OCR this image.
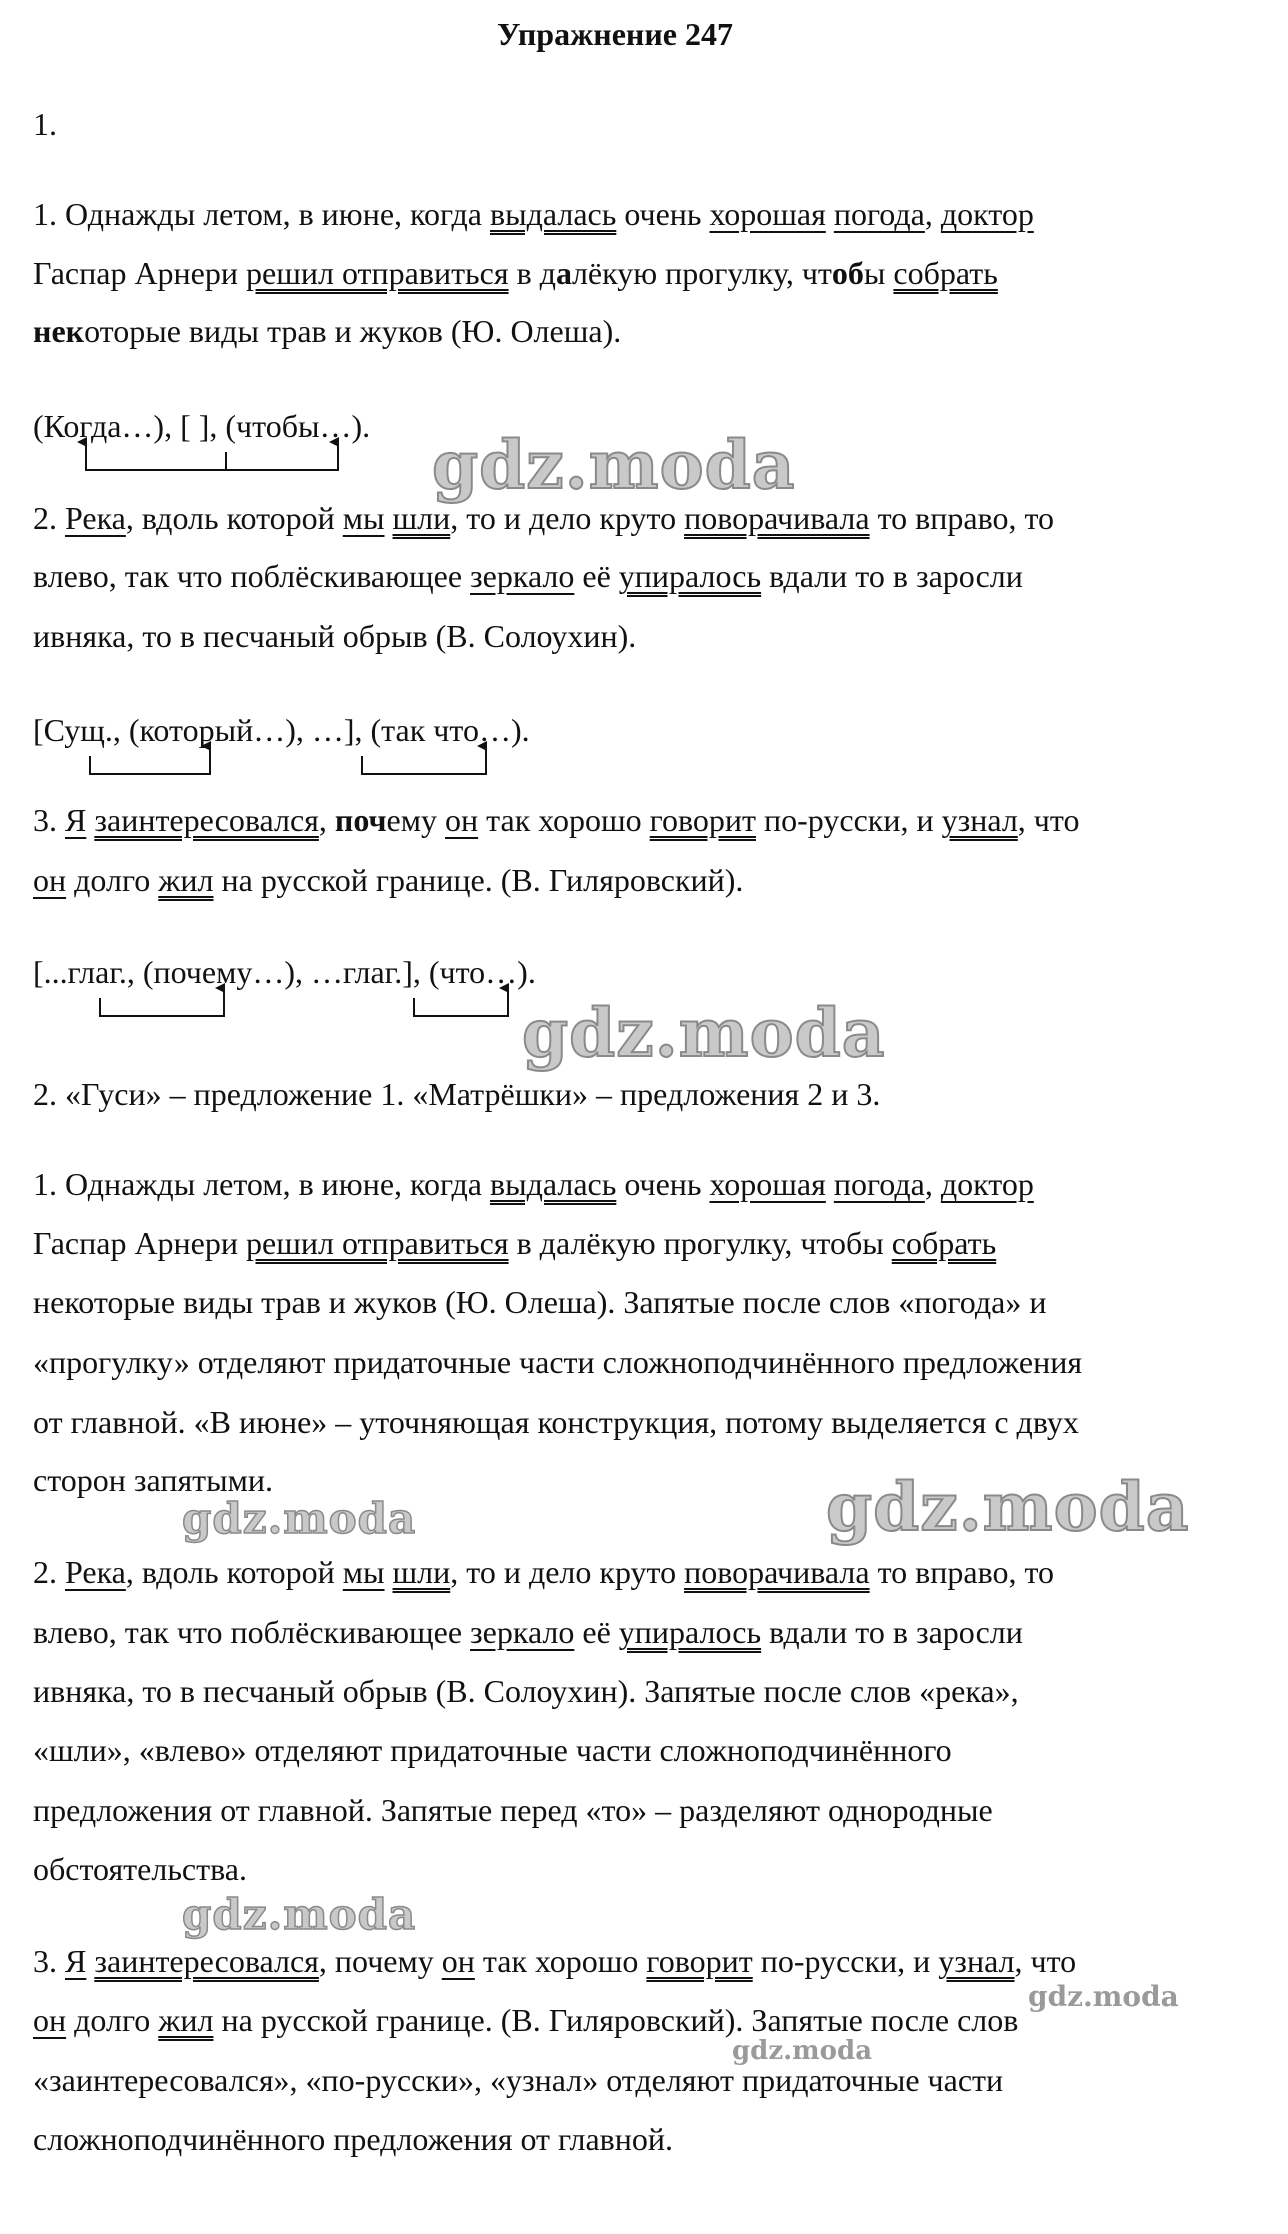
Упражнение 247
1.
1. Однажды летом, в июне, когда выдалась очень хорошая погода, доктор
Гаспар Арнери решил отправиться в далёкую прогулку, чтобы собрать
некоторые виды трав и жуков (Ю. Олеша).
(Когда…), [ ], (чтобы…).
2. Река, вдоль которой мы шли, то и дело круто поворачивала то вправо, то
влево, так что поблёскивающее зеркало её упиралось вдали то в заросли
ивняка, то в песчаный обрыв (В. Солоухин).
[Сущ., (который…), …], (так что…).
3. Я заинтересовался, почему он так хорошо говорит по-русски, и узнал, что
он долго жил на русской границе. (В. Гиляровский).
[...глаг., (почему…), …глаг.], (что…).
2. «Гуси» – предложение 1. «Матрёшки» – предложения 2 и 3.
1. Однажды летом, в июне, когда выдалась очень хорошая погода, доктор
Гаспар Арнери решил отправиться в далёкую прогулку, чтобы собрать
некоторые виды трав и жуков (Ю. Олеша). Запятые после слов «погода» и
«прогулку» отделяют придаточные части сложноподчинённого предложения
от главной. «В июне» – уточняющая конструкция, потому выделяется с двух
сторон запятыми.
2. Река, вдоль которой мы шли, то и дело круто поворачивала то вправо, то
влево, так что поблёскивающее зеркало её упиралось вдали то в заросли
ивняка, то в песчаный обрыв (В. Солоухин). Запятые после слов «река»,
«шли», «влево» отделяют придаточные части сложноподчинённого
предложения от главной. Запятые перед «то» – разделяют однородные
обстоятельства.
3. Я заинтересовался, почему он так хорошо говорит по-русски, и узнал, что
он долго жил на русской границе. (В. Гиляровский). Запятые после слов
«заинтересовался», «по-русски», «узнал» отделяют придаточные части
сложноподчинённого предложения от главной.
gdz.moda
gdz.moda
gdz.moda
gdz.moda
gdz.moda
gdz.moda
gdz.moda
